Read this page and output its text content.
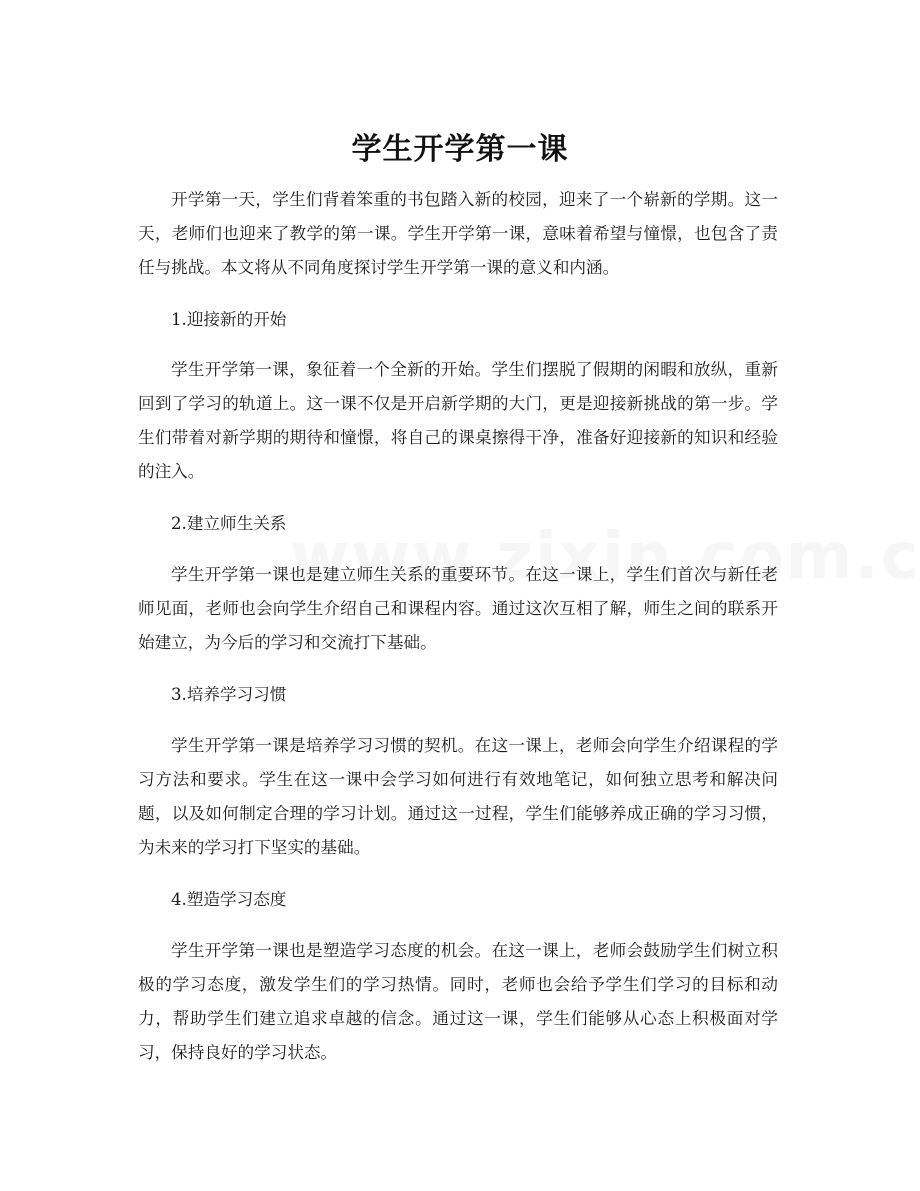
学生开学第一课

开学第一天，学生们背着笨重的书包踏入新的校园，迎来了一个崭新的学期。这一天，老师们也迎来了教学的第一课。学生开学第一课，意味着希望与憧憬，也包含了责任与挑战。本文将从不同角度探讨学生开学第一课的意义和内涵。

1.迎接新的开始

学生开学第一课，象征着一个全新的开始。学生们摆脱了假期的闲暇和放纵，重新回到了学习的轨道上。这一课不仅是开启新学期的大门，更是迎接新挑战的第一步。学生们带着对新学期的期待和憧憬，将自己的课桌擦得干净，准备好迎接新的知识和经验的注入。

2.建立师生关系

学生开学第一课也是建立师生关系的重要环节。在这一课上，学生们首次与新任老师见面，老师也会向学生介绍自己和课程内容。通过这次互相了解，师生之间的联系开始建立，为今后的学习和交流打下基础。

3.培养学习习惯

学生开学第一课是培养学习习惯的契机。在这一课上，老师会向学生介绍课程的学习方法和要求。学生在这一课中会学习如何进行有效地笔记，如何独立思考和解决问题，以及如何制定合理的学习计划。通过这一过程，学生们能够养成正确的学习习惯，为未来的学习打下坚实的基础。

4.塑造学习态度

学生开学第一课也是塑造学习态度的机会。在这一课上，老师会鼓励学生们树立积极的学习态度，激发学生们的学习热情。同时，老师也会给予学生们学习的目标和动力，帮助学生们建立追求卓越的信念。通过这一课，学生们能够从心态上积极面对学习，保持良好的学习状态。
